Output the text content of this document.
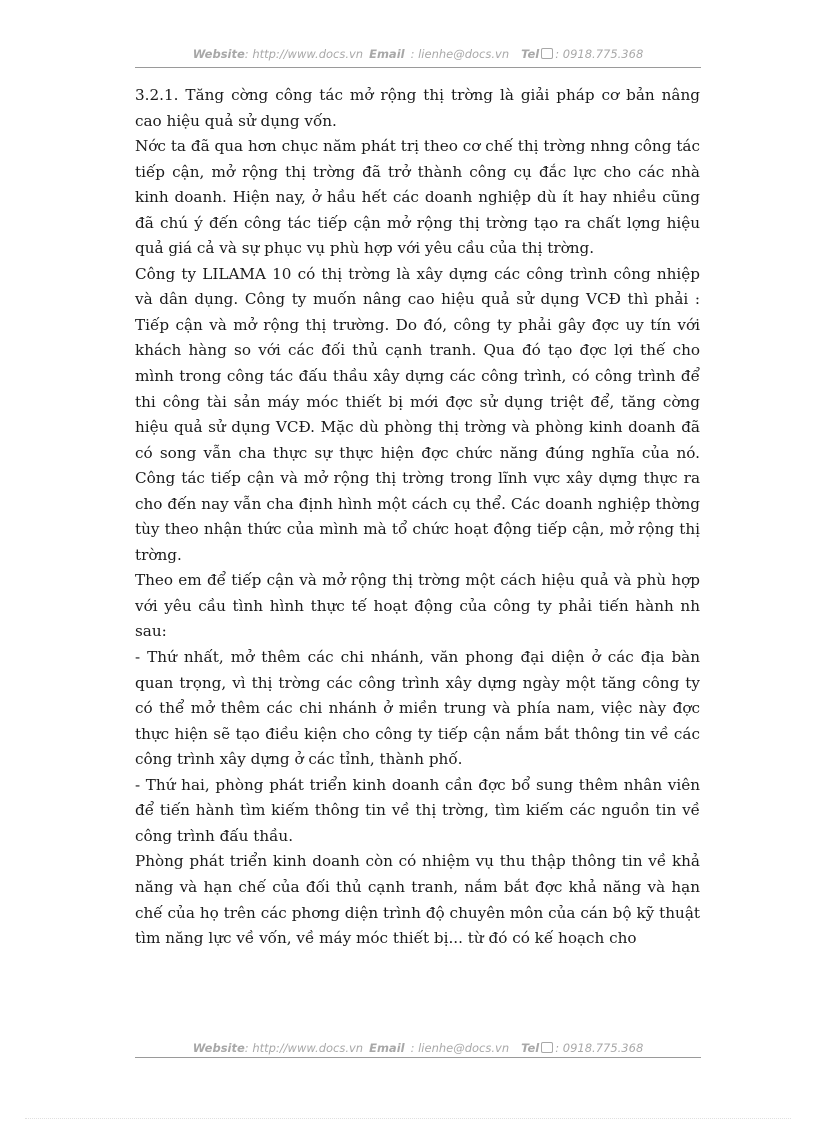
Website: http://www.docs.vn Email : lienhe@docs.vn Tel : 0918.775.368

3.2.1. Tăng cờng công tác mở rộng thị trờng là giải pháp cơ bản nâng cao hiệu quả sử dụng vốn.

Nớc ta đã qua hơn chục năm phát trị theo cơ chế thị trờng nhng công tác tiếp cận, mở rộng thị trờng đã trở thành công cụ đắc lực cho các nhà kinh doanh. Hiện nay, ở hầu hết các doanh nghiệp dù ít hay nhiều cũng đã chú ý đến công tác tiếp cận mở rộng thị trờng tạo ra chất lợng hiệu quả giá cả và sự phục vụ phù hợp với yêu cầu của thị trờng.

Công ty LILAMA 10 có thị trờng là xây dựng các công trình công nhiệp và dân dụng. Công ty muốn nâng cao hiệu quả sử dụng VCĐ thì phải : Tiếp cận và mở rộng thị trường. Do đó, công ty phải gây đợc uy tín với khách hàng so với các đối thủ cạnh tranh. Qua đó tạo đợc lợi thế cho mình trong công tác đấu thầu xây dựng các công trình, có công trình để thi công tài sản máy móc thiết bị mới đợc sử dụng triệt để, tăng cờng hiệu quả sử dụng VCĐ. Mặc dù phòng thị trờng và phòng kinh doanh đã có song vẫn cha thực sự thực hiện đợc chức năng đúng nghĩa của nó. Công tác tiếp cận và mở rộng thị trờng trong lĩnh vực xây dựng thực ra cho đến nay vẫn cha định hình một cách cụ thể. Các doanh nghiệp thờng tùy theo nhận thức của mình mà tổ chức hoạt động tiếp cận, mở rộng thị trờng.

Theo em để tiếp cận và mở rộng thị trờng một cách hiệu quả và phù hợp với yêu cầu tình hình thực tế hoạt động của công ty phải tiến hành nh sau:

- Thứ nhất, mở thêm các chi nhánh, văn phong đại diện ở các địa bàn quan trọng, vì thị trờng các công trình xây dựng ngày một tăng công ty có thể mở thêm các chi nhánh ở miền trung và phía nam, việc này đợc thực hiện sẽ tạo điều kiện cho công ty tiếp cận nắm bắt thông tin về các công trình xây dựng ở các tỉnh, thành phố.

- Thứ hai, phòng phát triển kinh doanh cần đợc bổ sung thêm nhân viên để tiến hành tìm kiếm thông tin về thị trờng, tìm kiếm các nguồn tin về công trình đấu thầu.

Phòng phát triển kinh doanh còn có nhiệm vụ thu thập thông tin về khả năng và hạn chế của đối thủ cạnh tranh, nắm bắt đợc khả năng và hạn chế của họ trên các phơng diện trình độ chuyên môn của cán bộ kỹ thuật tìm năng lực về vốn, về máy móc thiết bị... từ đó có kế hoạch cho

Website: http://www.docs.vn Email : lienhe@docs.vn Tel : 0918.775.368
